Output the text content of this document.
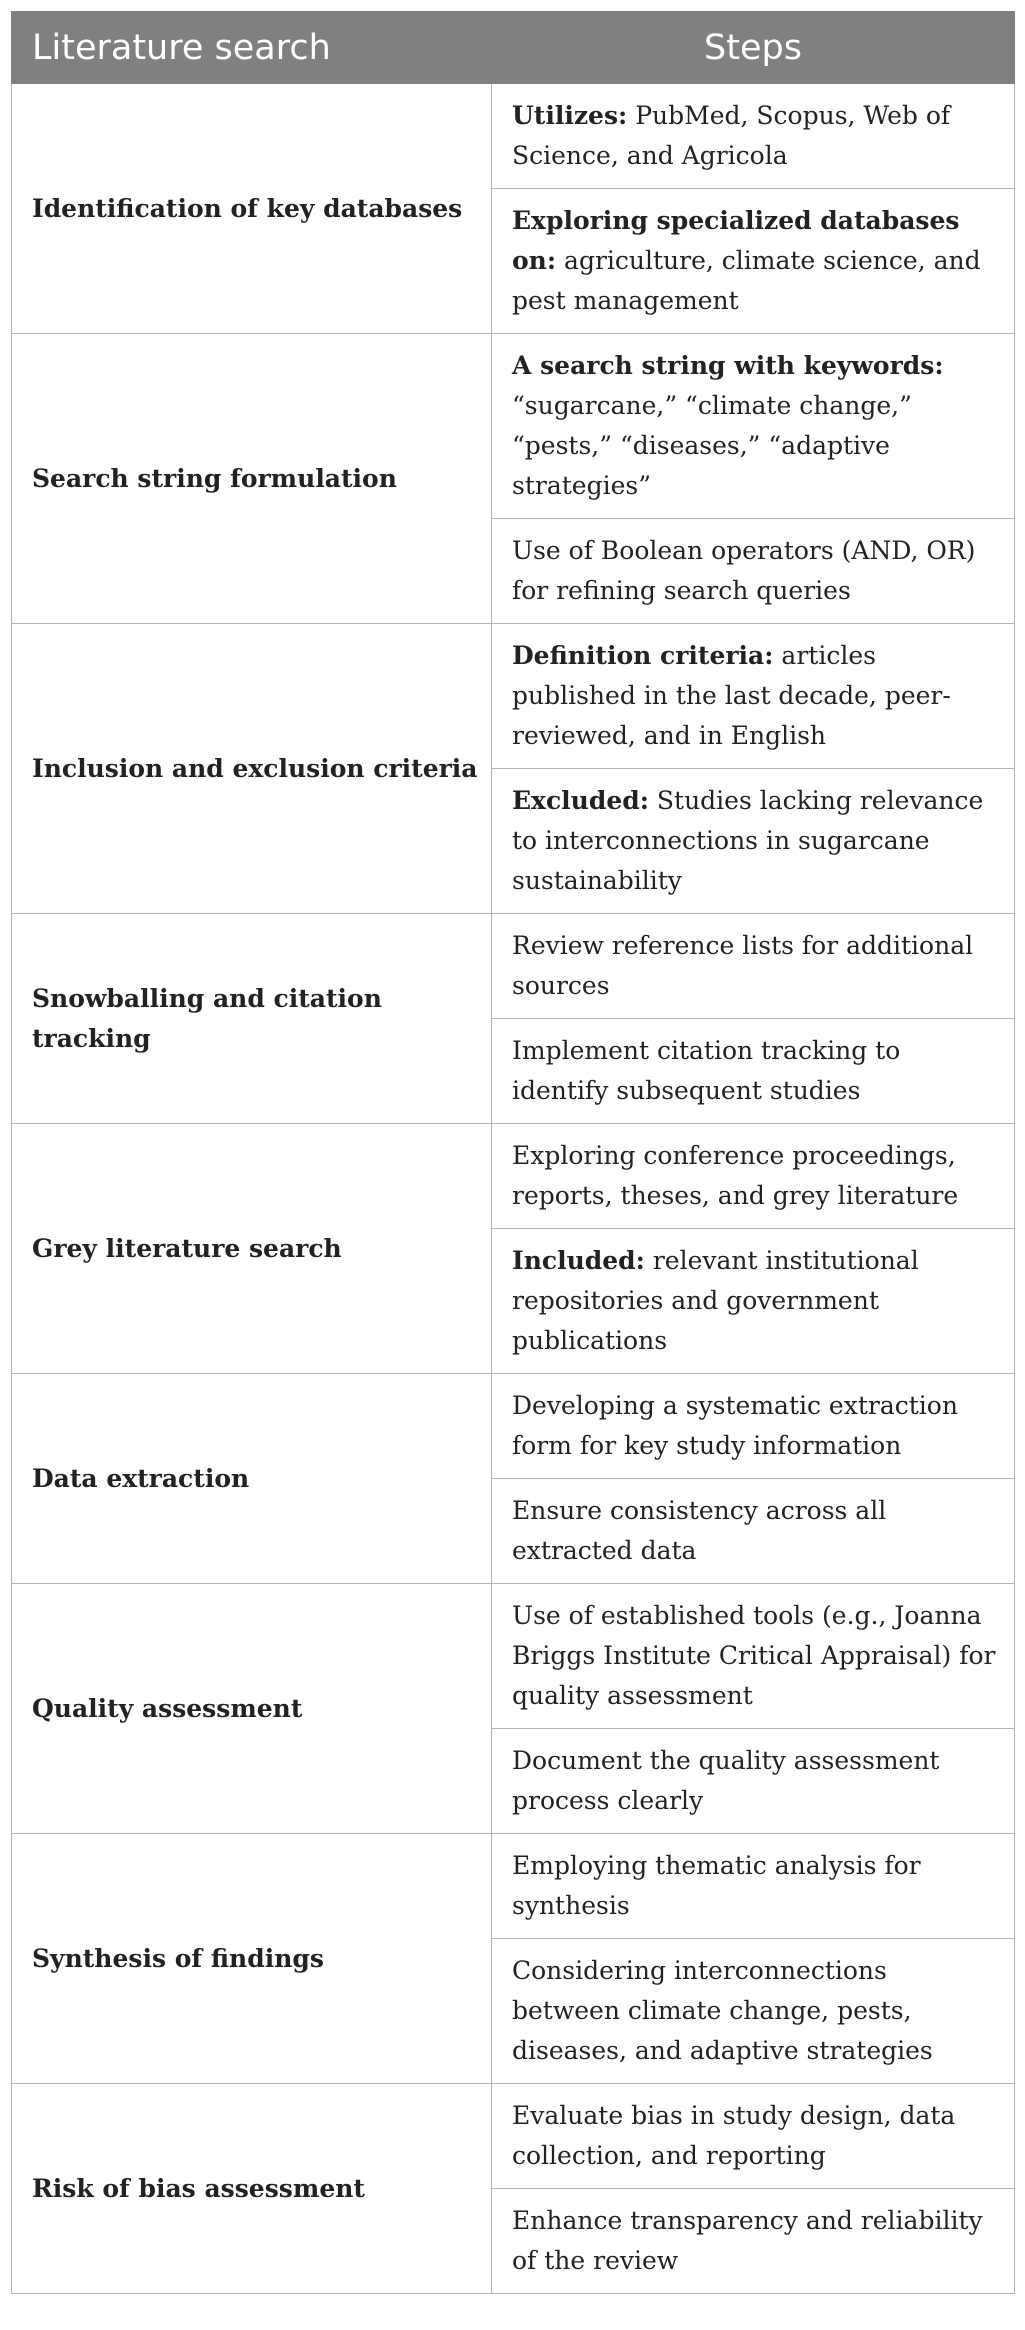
Literature search	Steps
Identification of key databases	Utilizes: PubMed, Scopus, Web of Science, and Agricola
	Exploring specialized databases on: agriculture, climate science, and pest management
Search string formulation	A search string with keywords: “sugarcane,” “climate change,” “pests,” “diseases,” “adaptive strategies”
	Use of Boolean operators (AND, OR) for refining search queries
Inclusion and exclusion criteria	Definition criteria: articles published in the last decade, peer-reviewed, and in English
	Excluded: Studies lacking relevance to interconnections in sugarcane sustainability
Snowballing and citation tracking	Review reference lists for additional sources
	Implement citation tracking to identify subsequent studies
Grey literature search	Exploring conference proceedings, reports, theses, and grey literature
	Included: relevant institutional repositories and government publications
Data extraction	Developing a systematic extraction form for key study information
	Ensure consistency across all extracted data
Quality assessment	Use of established tools (e.g., Joanna Briggs Institute Critical Appraisal) for quality assessment
	Document the quality assessment process clearly
Synthesis of findings	Employing thematic analysis for synthesis
	Considering interconnections between climate change, pests, diseases, and adaptive strategies
Risk of bias assessment	Evaluate bias in study design, data collection, and reporting
	Enhance transparency and reliability of the review
